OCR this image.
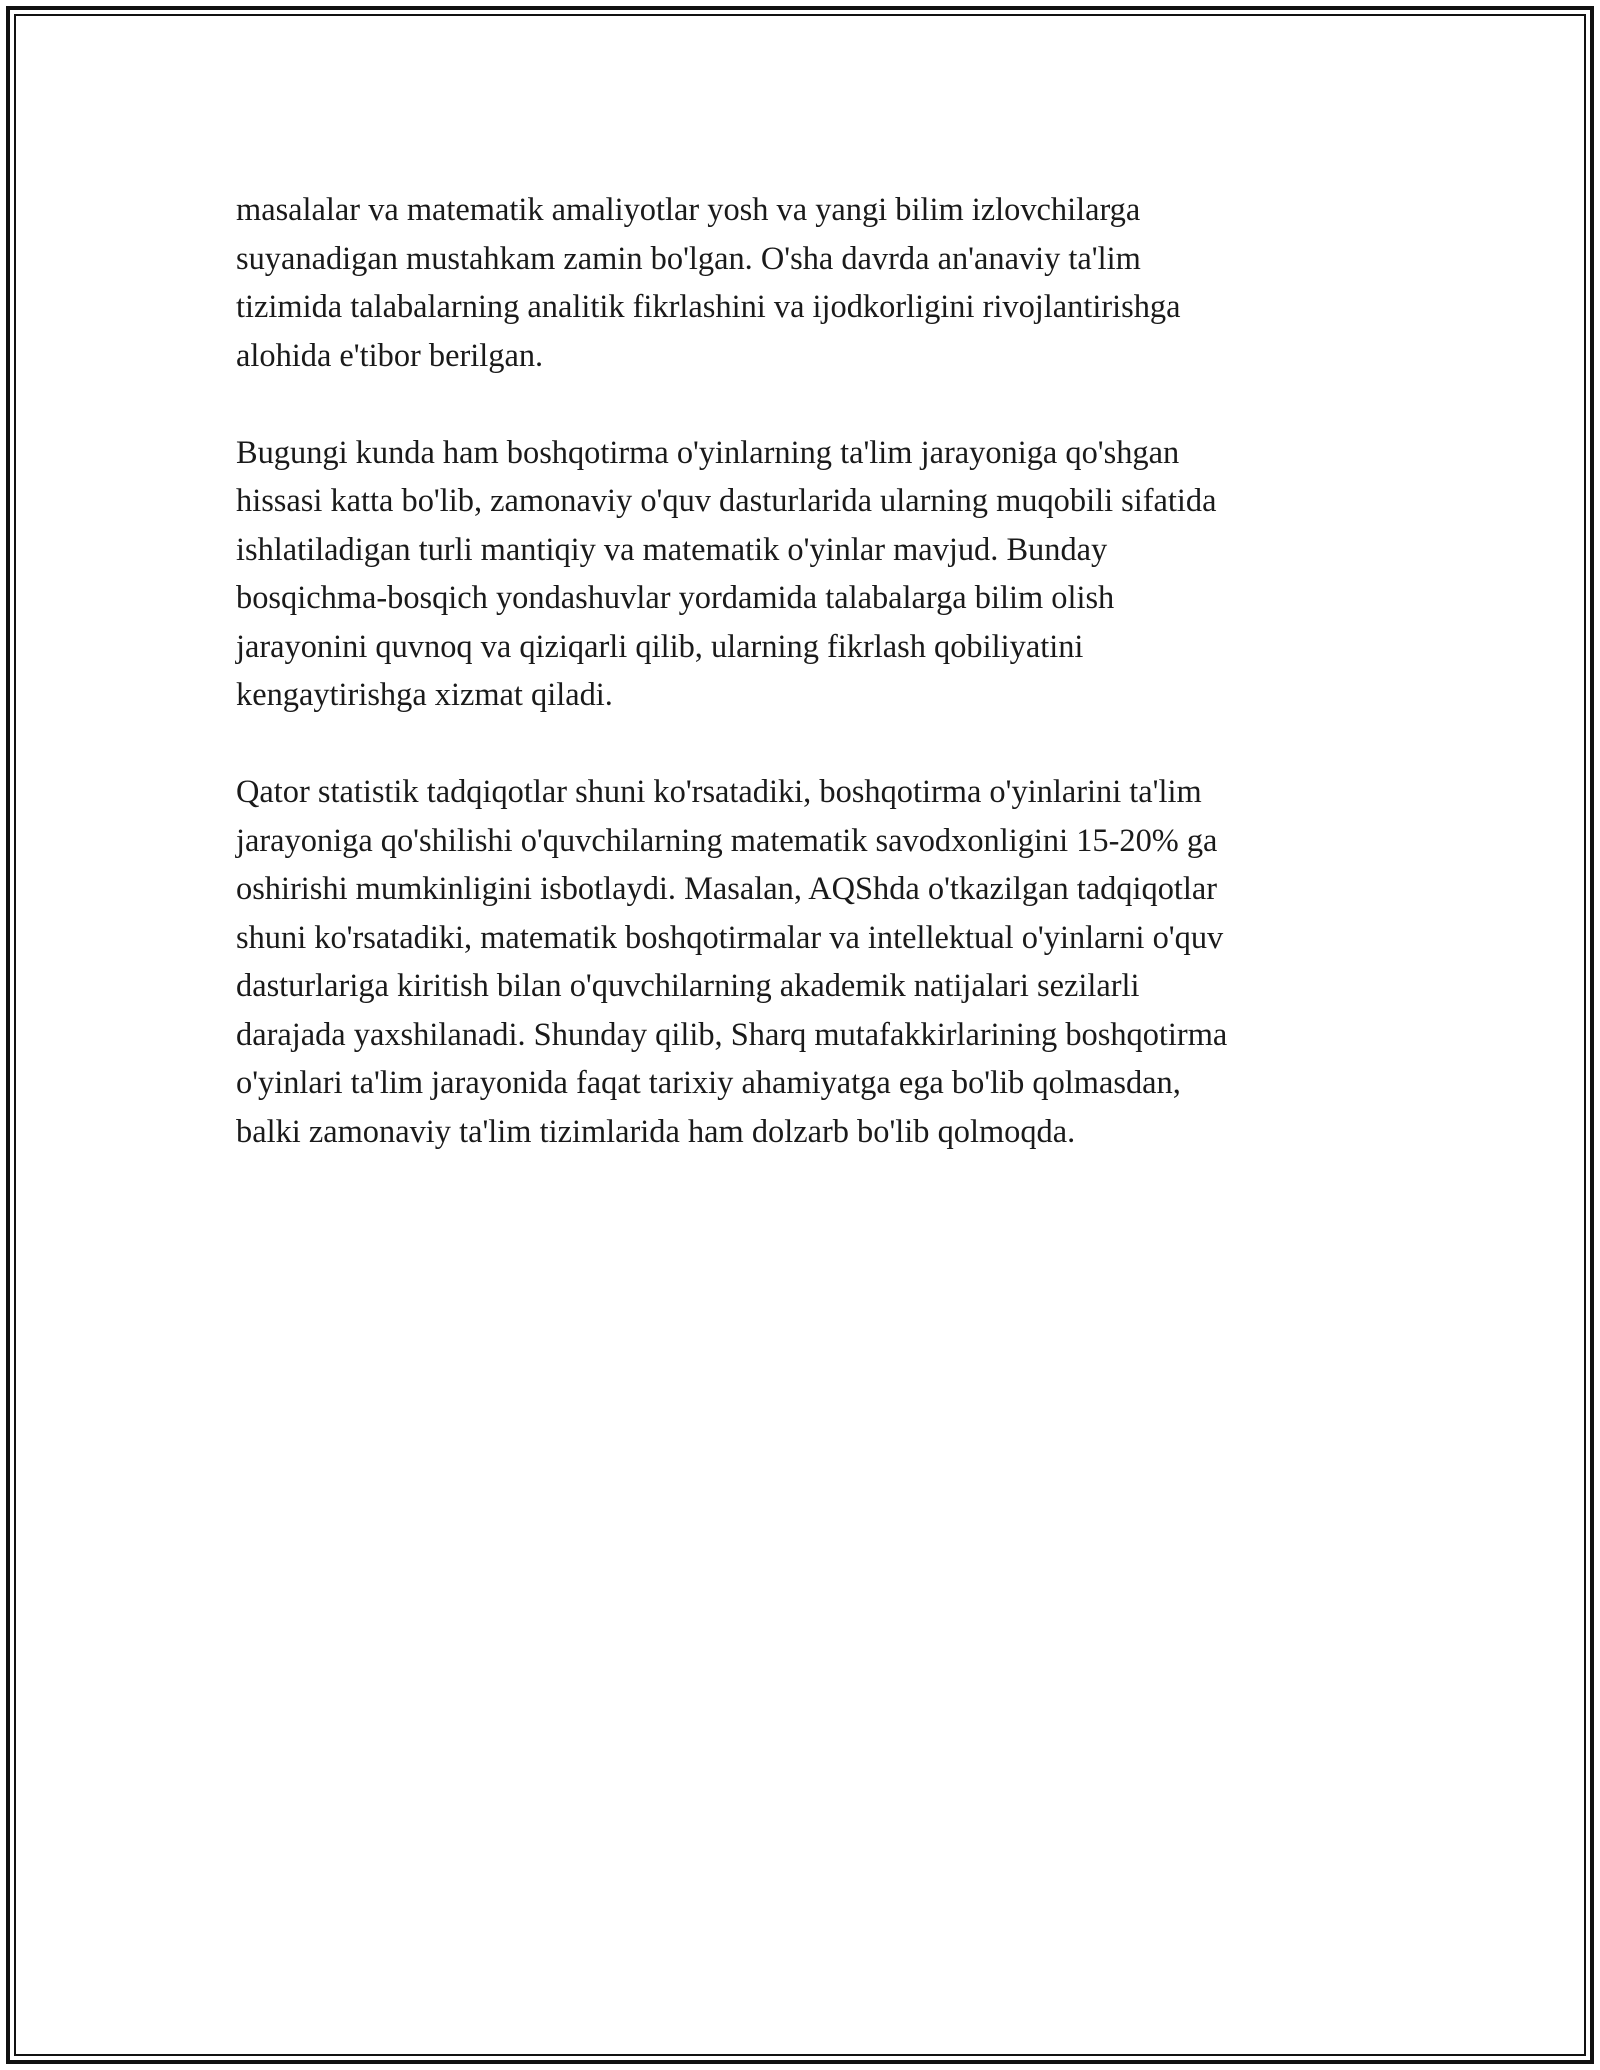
masalalar va matematik amaliyotlar yosh va yangi bilim izlovchilarga
suyanadigan mustahkam zamin bo'lgan. O'sha davrda an'anaviy ta'lim
tizimida talabalarning analitik fikrlashini va ijodkorligini rivojlantirishga
alohida e'tibor berilgan.

Bugungi kunda ham boshqotirma o'yinlarning ta'lim jarayoniga qo'shgan
hissasi katta bo'lib, zamonaviy o'quv dasturlarida ularning muqobili sifatida
ishlatiladigan turli mantiqiy va matematik o'yinlar mavjud. Bunday
bosqichma-bosqich yondashuvlar yordamida talabalarga bilim olish
jarayonini quvnoq va qiziqarli qilib, ularning fikrlash qobiliyatini
kengaytirishga xizmat qiladi.

Qator statistik tadqiqotlar shuni ko'rsatadiki, boshqotirma o'yinlarini ta'lim
jarayoniga qo'shilishi o'quvchilarning matematik savodxonligini 15-20% ga
oshirishi mumkinligini isbotlaydi. Masalan, AQShda o'tkazilgan tadqiqotlar
shuni ko'rsatadiki, matematik boshqotirmalar va intellektual o'yinlarni o'quv
dasturlariga kiritish bilan o'quvchilarning akademik natijalari sezilarli
darajada yaxshilanadi. Shunday qilib, Sharq mutafakkirlarining boshqotirma
o'yinlari ta'lim jarayonida faqat tarixiy ahamiyatga ega bo'lib qolmasdan,
balki zamonaviy ta'lim tizimlarida ham dolzarb bo'lib qolmoqda.
